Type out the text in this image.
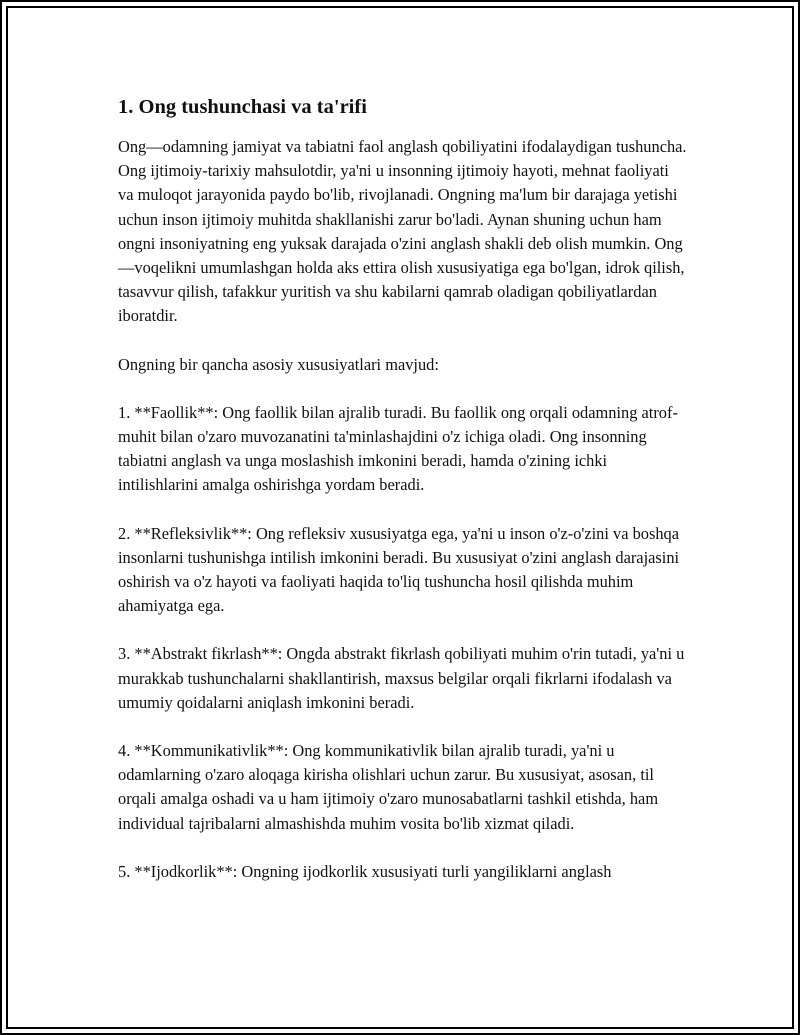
1. Ong tushunchasi va ta'rifi

Ong—odamning jamiyat va tabiatni faol anglash qobiliyatini ifodalaydigan tushuncha. Ong ijtimoiy-tarixiy mahsulotdir, ya'ni u insonning ijtimoiy hayoti, mehnat faoliyati va muloqot jarayonida paydo bo'lib, rivojlanadi. Ongning ma'lum bir darajaga yetishi uchun inson ijtimoiy muhitda shakllanishi zarur bo'ladi. Aynan shuning uchun ham ongni insoniyatning eng yuksak darajada o'zini anglash shakli deb olish mumkin. Ong—voqelikni umumlashgan holda aks ettira olish xususiyatiga ega bo'lgan, idrok qilish, tasavvur qilish, tafakkur yuritish va shu kabilarni qamrab oladigan qobiliyatlardan iboratdir.

Ongning bir qancha asosiy xususiyatlari mavjud:

1. **Faollik**: Ong faollik bilan ajralib turadi. Bu faollik ong orqali odamning atrof-muhit bilan o'zaro muvozanatini ta'minlashajdini o'z ichiga oladi. Ong insonning tabiatni anglash va unga moslashish imkonini beradi, hamda o'zining ichki intilishlarini amalga oshirishga yordam beradi.

2. **Refleksivlik**: Ong refleksiv xususiyatga ega, ya'ni u inson o'z-o'zini va boshqa insonlarni tushunishga intilish imkonini beradi. Bu xususiyat o'zini anglash darajasini oshirish va o'z hayoti va faoliyati haqida to'liq tushuncha hosil qilishda muhim ahamiyatga ega.

3. **Abstrakt fikrlash**: Ongda abstrakt fikrlash qobiliyati muhim o'rin tutadi, ya'ni u murakkab tushunchalarni shakllantirish, maxsus belgilar orqali fikrlarni ifodalash va umumiy qoidalarni aniqlash imkonini beradi.

4. **Kommunikativlik**: Ong kommunikativlik bilan ajralib turadi, ya'ni u odamlarning o'zaro aloqaga kirisha olishlari uchun zarur. Bu xususiyat, asosan, til orqali amalga oshadi va u ham ijtimoiy o'zaro munosabatlarni tashkil etishda, ham individual tajribalarni almashishda muhim vosita bo'lib xizmat qiladi.

5. **Ijodkorlik**: Ongning ijodkorlik xususiyati turli yangiliklarni anglash
